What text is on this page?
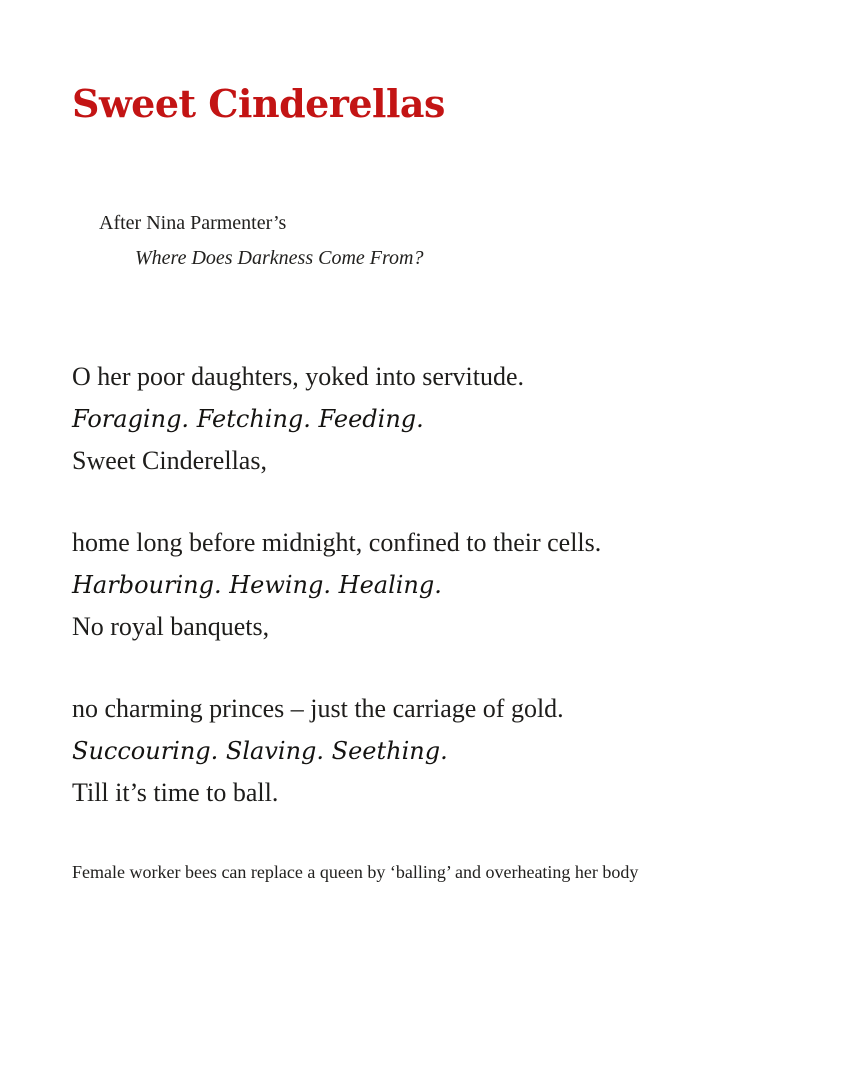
Sweet Cinderellas
After Nina Parmenter’s
Where Does Darkness Come From?

O her poor daughters, yoked into servitude.

Foraging. Fetching. Feeding.

Sweet Cinderellas,

home long before midnight, confined to their cells.

Harbouring. Hewing. Healing.

No royal banquets,

no charming princes – just the carriage of gold.

Succouring. Slaving. Seething.

Till it’s time to ball.

Female worker bees can replace a queen by ‘balling’ and overheating her body
